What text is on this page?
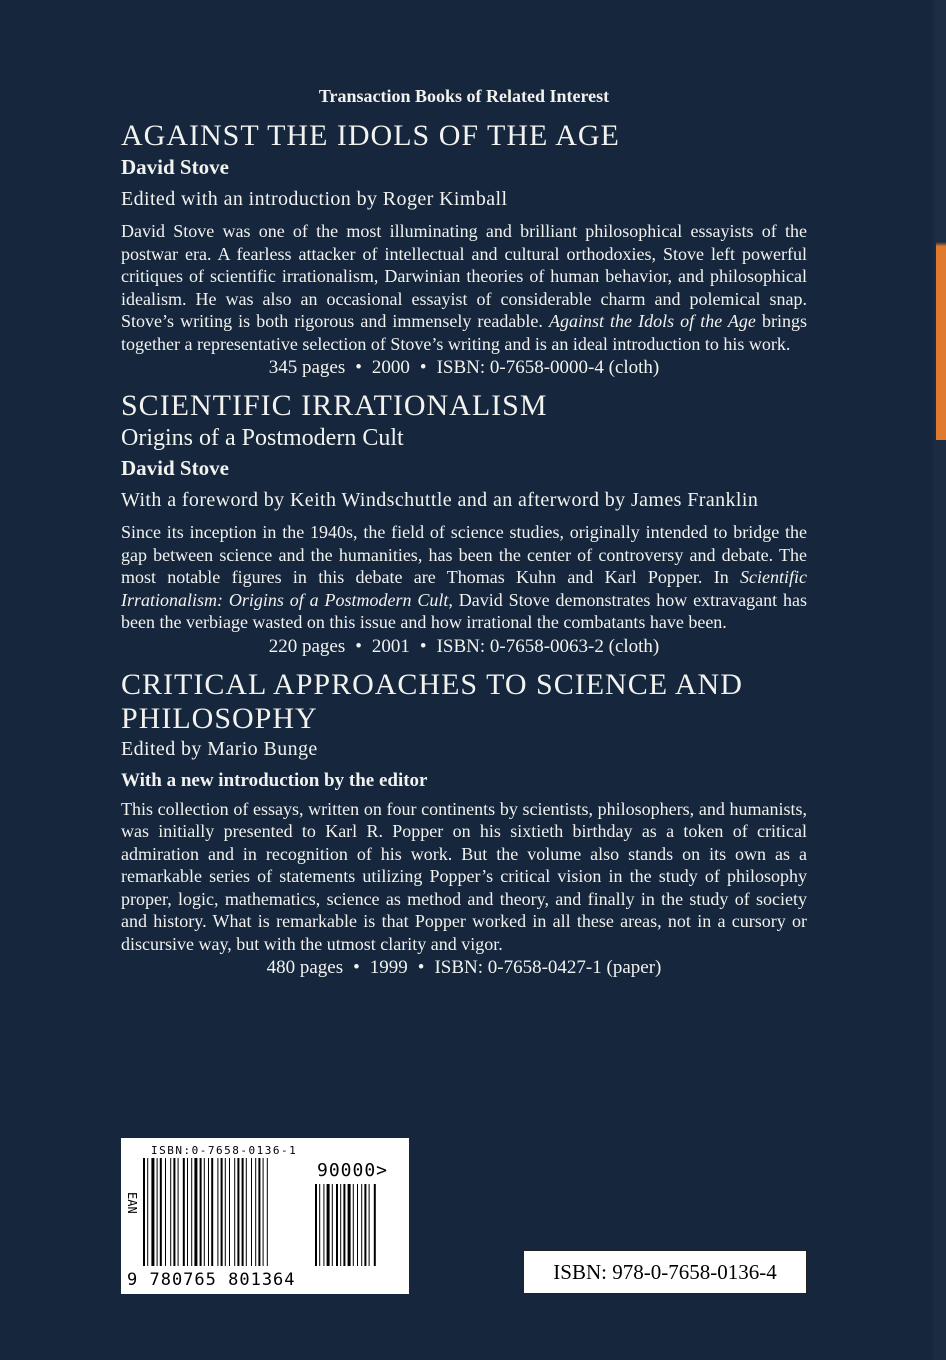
Transaction Books of Related Interest
AGAINST THE IDOLS OF THE AGE
David Stove
Edited with an introduction by Roger Kimball

David Stove was one of the most illuminating and brilliant philosophical essayists of the postwar era. A fearless attacker of intellectual and cultural orthodoxies, Stove left powerful critiques of scientific irrationalism, Darwinian theories of human behavior, and philosophical idealism. He was also an occasional essayist of considerable charm and polemical snap. Stove’s writing is both rigorous and immensely readable. Against the Idols of the Age brings together a representative selection of Stove’s writing and is an ideal introduction to his work.

345 pages • 2000 • ISBN: 0-7658-0000-4 (cloth)
SCIENTIFIC IRRATIONALISM
Origins of a Postmodern Cult
David Stove
With a foreword by Keith Windschuttle and an afterword by James Franklin

Since its inception in the 1940s, the field of science studies, originally intended to bridge the gap between science and the humanities, has been the center of controversy and debate. The most notable figures in this debate are Thomas Kuhn and Karl Popper. In Scientific Irrationalism: Origins of a Postmodern Cult, David Stove demonstrates how extravagant has been the verbiage wasted on this issue and how irrational the combatants have been.

220 pages • 2001 • ISBN: 0-7658-0063-2 (cloth)
CRITICAL APPROACHES TO SCIENCE AND PHILOSOPHY
Edited by Mario Bunge
With a new introduction by the editor

This collection of essays, written on four continents by scientists, philosophers, and humanists, was initially presented to Karl R. Popper on his sixtieth birthday as a token of critical admiration and in recognition of his work. But the volume also stands on its own as a remarkable series of statements utilizing Popper’s critical vision in the study of philosophy proper, logic, mathematics, science as method and theory, and finally in the study of society and history. What is remarkable is that Popper worked in all these areas, not in a cursory or discursive way, but with the utmost clarity and vigor.

480 pages • 1999 • ISBN: 0-7658-0427-1 (paper)
ISBN:0-7658-0136-1
EAN
90000>
9 780765 801364	ISBN: 978-0-7658-0136-4
